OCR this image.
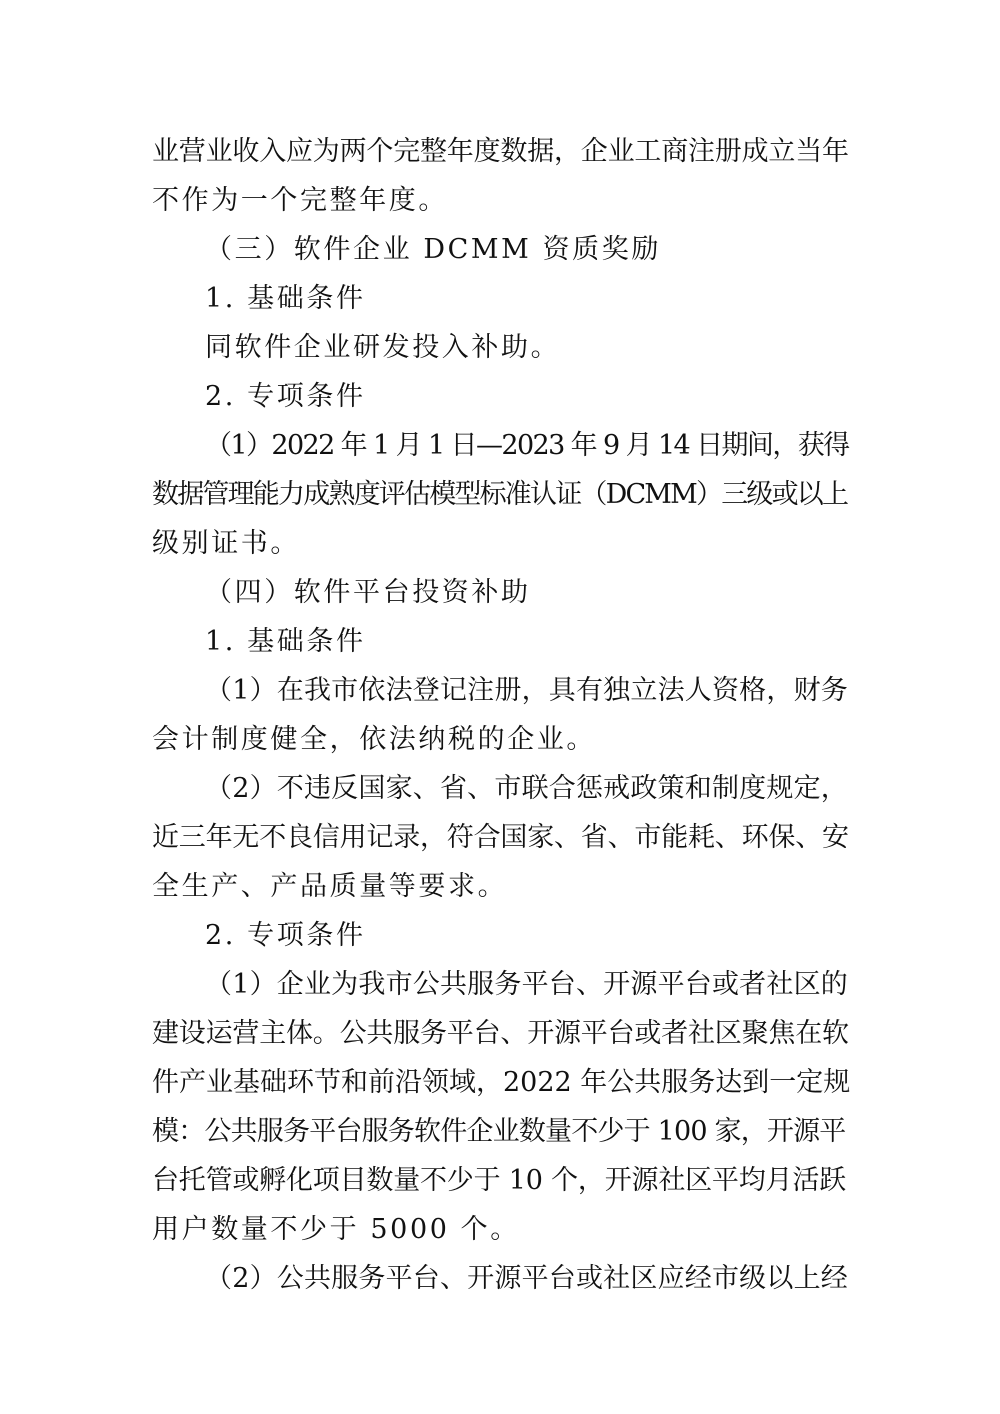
业营业收入应为两个完整年度数据，企业工商注册成立当年
不作为一个完整年度。
（三）软件企业 DCMM 资质奖励
1. 基础条件
同软件企业研发投入补助。
2. 专项条件
（1）2022 年 1 月 1 日—2023 年 9 月 14 日期间，获得
数据管理能力成熟度评估模型标准认证（DCMM）三级或以上
级别证书。
（四）软件平台投资补助
1. 基础条件
（1）在我市依法登记注册，具有独立法人资格，财务
会计制度健全，依法纳税的企业。
（2）不违反国家、省、市联合惩戒政策和制度规定，
近三年无不良信用记录，符合国家、省、市能耗、环保、安
全生产、产品质量等要求。
2. 专项条件
（1）企业为我市公共服务平台、开源平台或者社区的
建设运营主体。公共服务平台、开源平台或者社区聚焦在软
件产业基础环节和前沿领域，2022 年公共服务达到一定规
模：公共服务平台服务软件企业数量不少于 100 家，开源平
台托管或孵化项目数量不少于 10 个，开源社区平均月活跃
用户数量不少于 5000 个。
（2）公共服务平台、开源平台或社区应经市级以上经
